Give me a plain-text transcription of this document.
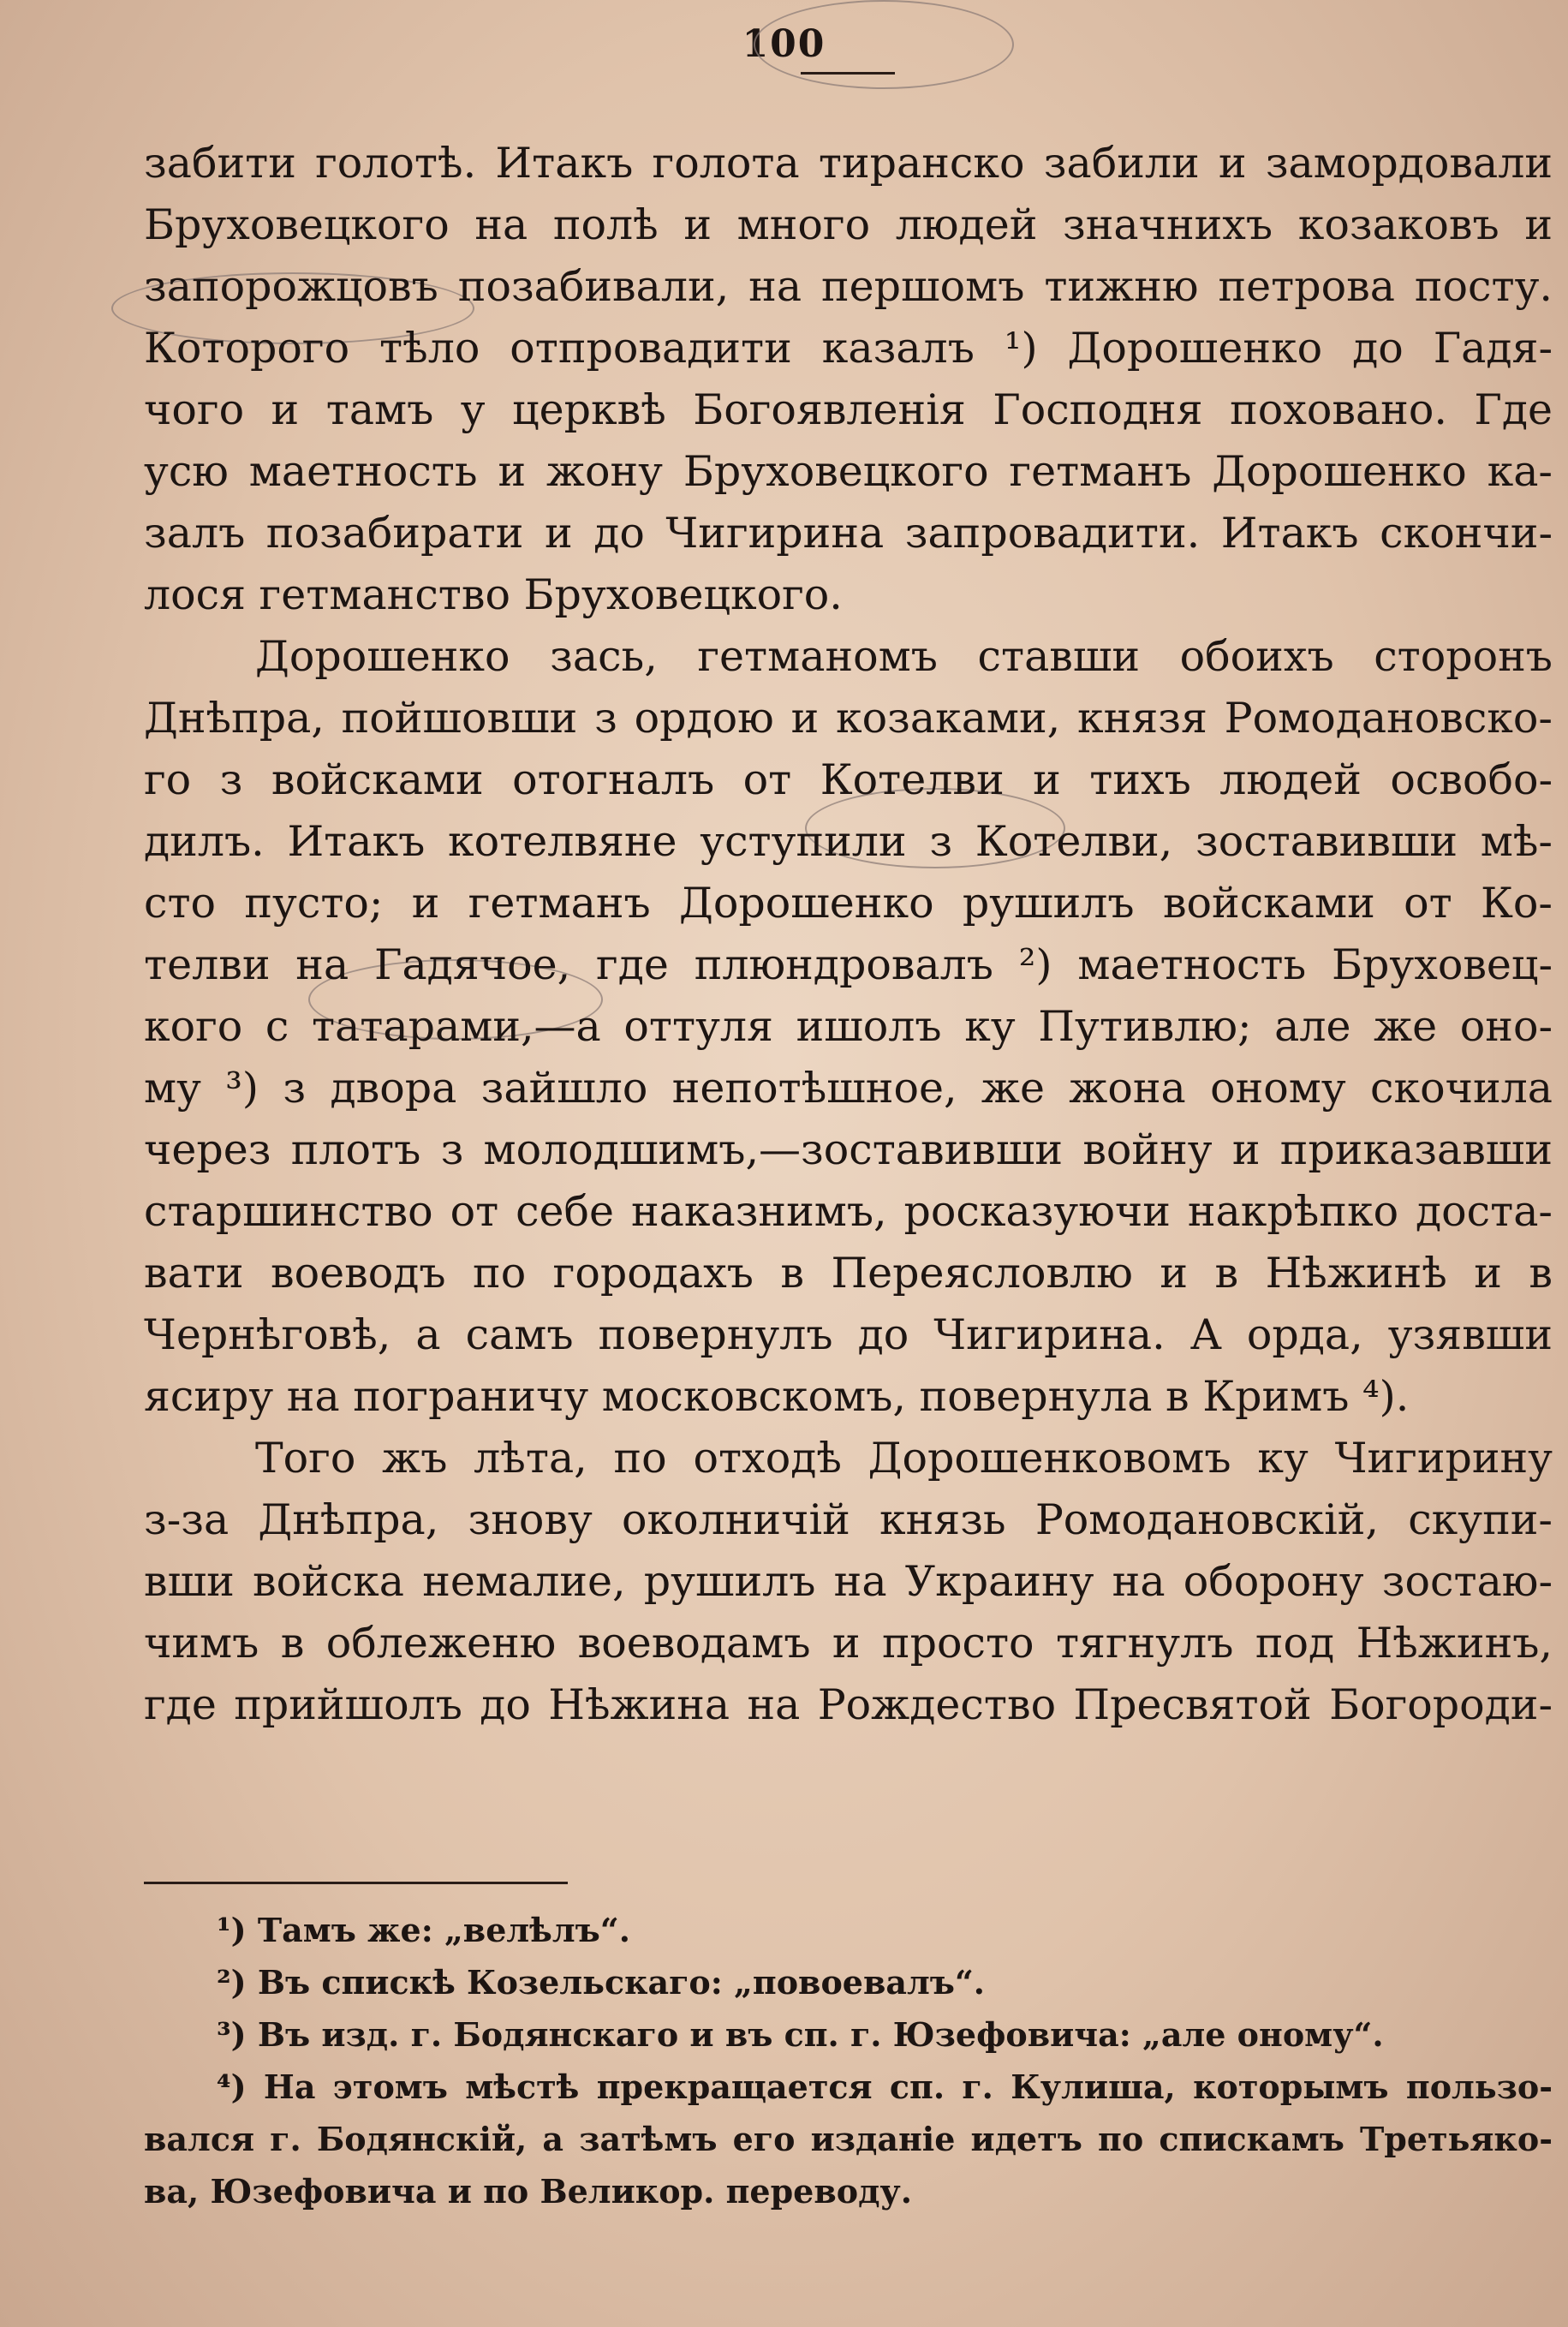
100
забити голотѣ. Итакъ голота тиранско забили и замордовали
Бруховецкого на полѣ и много людей значнихъ козаковъ и
запорожцовъ позабивали, на першомъ тижню петрова посту.
Которого тѣло отпровадити казалъ ¹) Дорошенко до Гадя-
чого и тамъ у церквѣ Богоявленія Господня поховано. Где
усю маетность и жону Бруховецкого гетманъ Дорошенко ка-
залъ позабирати и до Чигирина запровадити. Итакъ скончи-
лося гетманство Бруховецкого.
Дорошенко зась, гетманомъ ставши обоихъ сторонъ
Днѣпра, пойшовши з ордою и козаками, князя Ромодановско-
го з войсками отогналъ от Котелви и тихъ людей освобо-
дилъ. Итакъ котелвяне уступили з Котелви, зоставивши мѣ-
сто пусто; и гетманъ Дорошенко рушилъ войсками от Ко-
телви на Гадячое, где плюндровалъ ²) маетность Бруховец-
кого с татарами,—а оттуля ишолъ ку Путивлю; але же оно-
му ³) з двора зайшло непотѣшное, же жона оному скочила
через плотъ з молодшимъ,—зоставивши войну и приказавши
старшинство от себе наказнимъ, росказуючи накрѣпко доста-
вати воеводъ по городахъ в Переясловлю и в Нѣжинѣ и в
Чернѣговѣ, а самъ повернулъ до Чигирина. А орда, узявши
ясиру на пограничу московскомъ, повернула в Кримъ ⁴).
Того жъ лѣта, по отходѣ Дорошенковомъ ку Чигирину
з-за Днѣпра, знову околничій князь Ромодановскій, скупи-
вши войска немалие, рушилъ на Украину на оборону зостаю-
чимъ в облеженю воеводамъ и просто тягнулъ под Нѣжинъ,
где прийшолъ до Нѣжина на Рождество Пресвятой Богороди-
¹) Тамъ же: „велѣлъ“.
²) Въ спискѣ Козельскаго: „повоевалъ“.
³) Въ изд. г. Бодянскаго и въ сп. г. Юзефовича: „але оному“.
⁴) На этомъ мѣстѣ прекращается сп. г. Кулиша, которымъ пользо-
вался г. Бодянскій, а затѣмъ его изданіе идетъ по спискамъ Третьяко-
ва, Юзефовича и по Великор. переводу.
